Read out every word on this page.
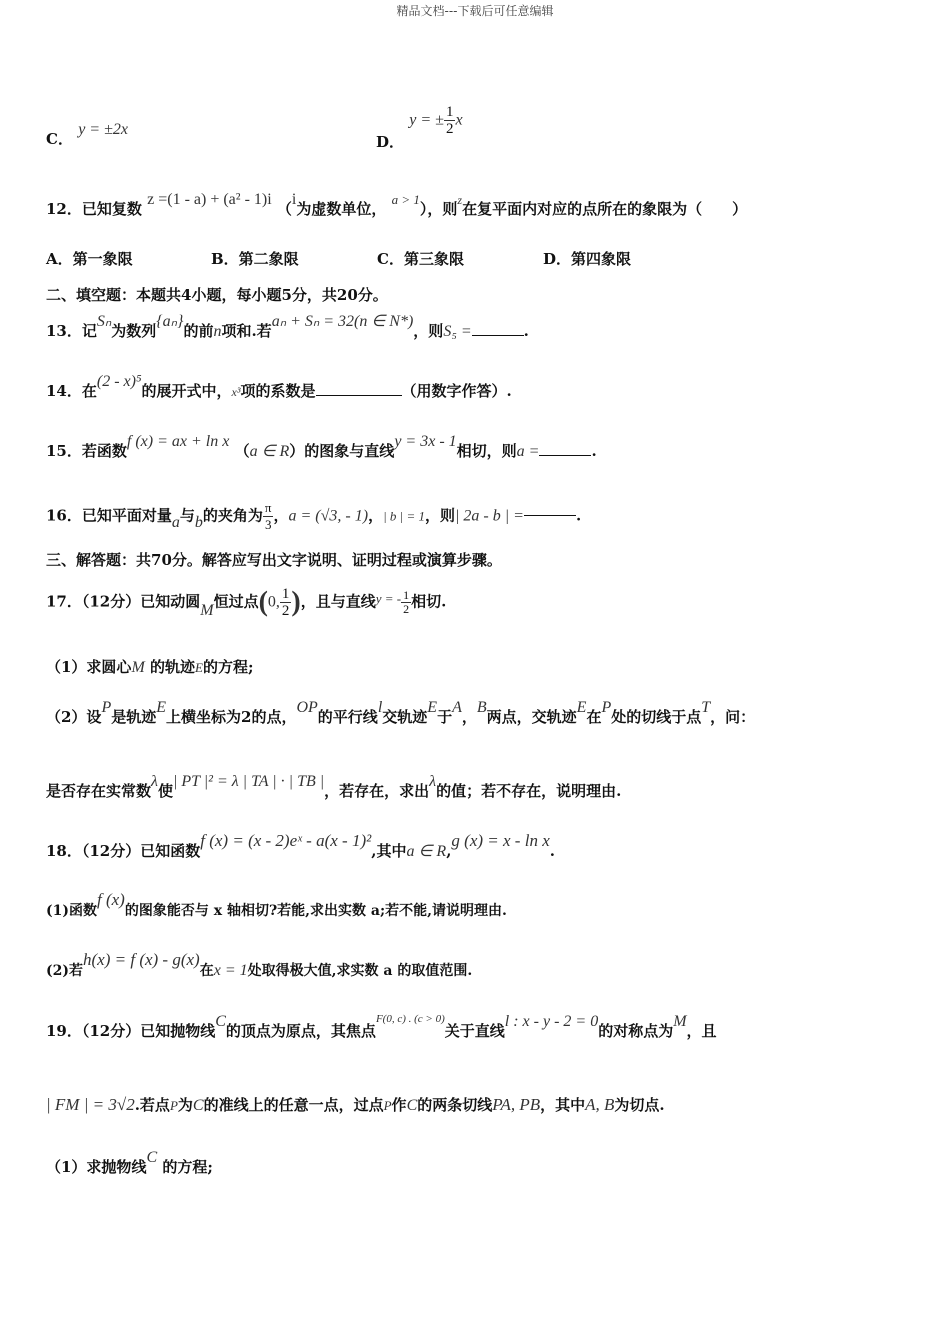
精品文档---下载后可任意编辑
C． y = ±2x
D． y = ± $\frac{1}{2}$ x
12．已知复数 z =(1 - a) + (a² - 1)i （i为虚数单位， a > 1），则$^z$在复平面内对应的点所在的象限为（　　）
A．第一象限	B．第二象限	C．第三象限	D．第四象限
二、填空题：本题共4小题，每小题5分，共20分。
13．记Sₙ为数列{aₙ}的前n项和.若aₙ + Sₙ = 32(n ∈ N*)，则S₅ =	.
14．在(2 - x)⁵的展开式中，x³项的系数是	（用数字作答）.
15．若函数f (x) = ax + ln x （a ∈ R）的图象与直线y = 3x - 1相切，则a =	.
16．已知平面对量a与b的夹角为 $\frac{\pi}{3}$ ，a = (√3, - 1)，| b | = 1，则| 2a - b | =	.
三、解答题：共70分。解答应写出文字说明、证明过程或演算步骤。
17．（12分）已知动圆M恒过点(0, $\frac{1}{2}$ )，且与直线y = - $\frac{1}{2}$ 相切.
（1）求圆心M 的轨迹E的方程;
（2）设P是轨迹E上横坐标为2的点，OP的平行线l交轨迹E于A，B两点，交轨迹E在P处的切线于点T，问：
是否存在实常数λ使| PT |² = λ | TA | · | TB |，若存在，求出λ的值；若不存在，说明理由.
18．（12分）已知函数f (x) = (x - 2)eˣ - a(x - 1)²,其中a ∈ R,g (x) = x - ln x.
(1)函数f (x)的图象能否与 x 轴相切?若能,求出实数 a;若不能,请说明理由.
(2)若h(x) = f (x) - g(x)在x = 1处取得极大值,求实数 a 的取值范围.
19．（12分）已知抛物线C的顶点为原点，其焦点$^{F(0, c) . (c > 0)}$关于直线l : x - y - 2 = 0的对称点为M，且
| FM | = 3√2.若点P为C的准线上的任意一点，过点P作C的两条切线PA, PB，其中A, B为切点.
（1）求抛物线C 的方程;
